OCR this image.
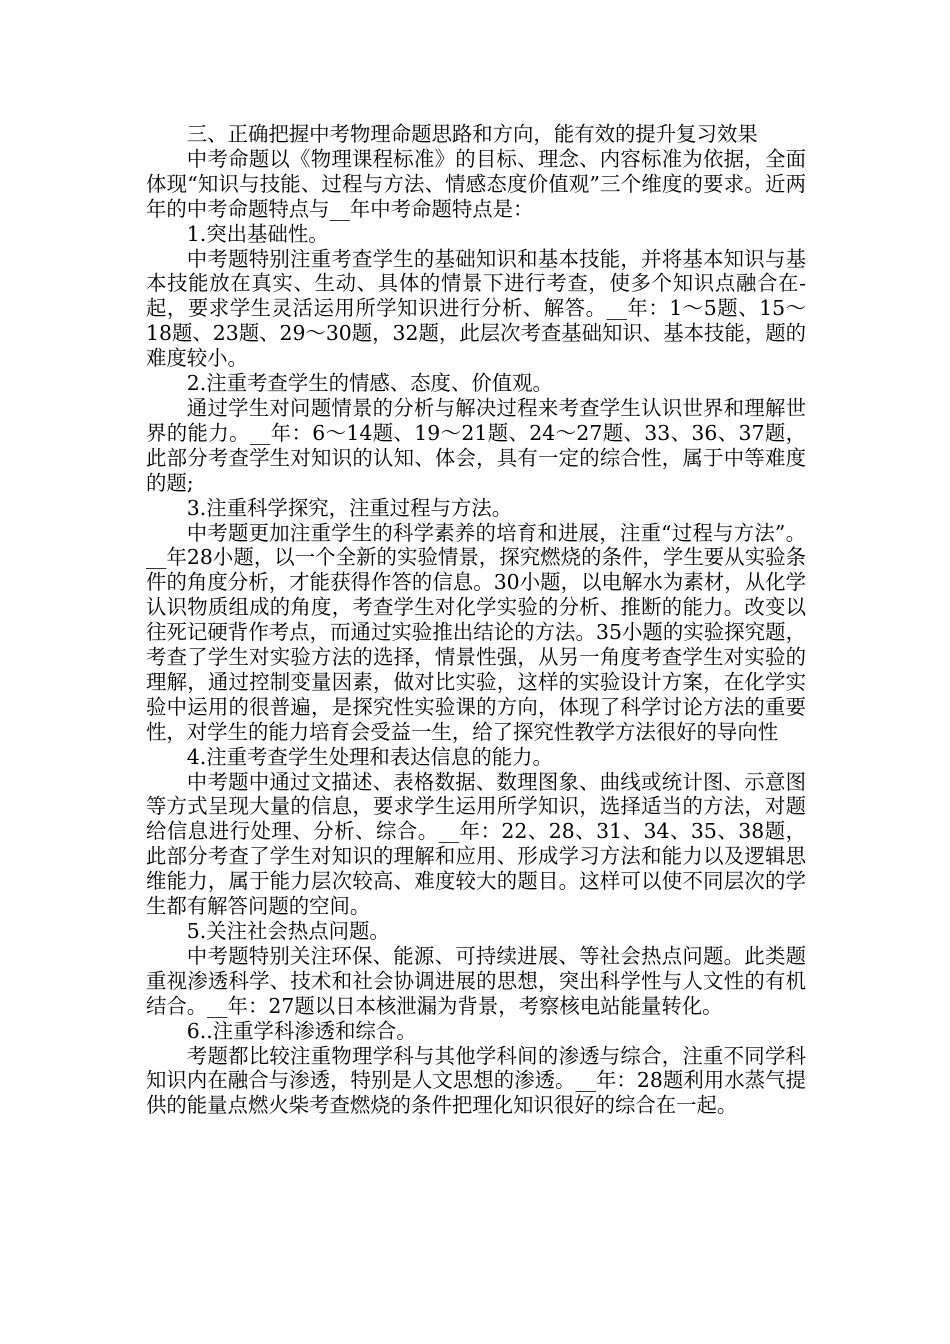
三、正确把握中考物理命题思路和方向，能有效的提升复习效果

中考命题以《物理课程标准》的目标、理念、内容标准为依据，全面体现“知识与技能、过程与方法、情感态度价值观”三个维度的要求。近两年的中考命题特点与__年中考命题特点是：

1.突出基础性。

中考题特别注重考查学生的基础知识和基本技能，并将基本知识与基本技能放在真实、生动、具体的情景下进行考查，使多个知识点融合在-起，要求学生灵活运用所学知识进行分析、解答。__年：1～5题、15～18题、23题、29～30题，32题，此层次考查基础知识、基本技能，题的难度较小。

2.注重考查学生的情感、态度、价值观。

通过学生对问题情景的分析与解决过程来考查学生认识世界和理解世界的能力。__年：6～14题、19～21题、24～27题、33、36、37题，此部分考查学生对知识的认知、体会，具有一定的综合性，属于中等难度的题;

3.注重科学探究，注重过程与方法。

中考题更加注重学生的科学素养的培育和进展，注重“过程与方法”。__年28小题，以一个全新的实验情景，探究燃烧的条件，学生要从实验条件的角度分析，才能获得作答的信息。30小题，以电解水为素材，从化学认识物质组成的角度，考查学生对化学实验的分析、推断的能力。改变以往死记硬背作考点，而通过实验推出结论的方法。35小题的实验探究题，考查了学生对实验方法的选择，情景性强，从另一角度考查学生对实验的理解，通过控制变量因素，做对比实验，这样的实验设计方案，在化学实验中运用的很普遍，是探究性实验课的方向，体现了科学讨论方法的重要性，对学生的能力培育会受益一生，给了探究性教学方法很好的导向性

4.注重考查学生处理和表达信息的能力。

中考题中通过文描述、表格数据、数理图象、曲线或统计图、示意图等方式呈现大量的信息，要求学生运用所学知识，选择适当的方法，对题给信息进行处理、分析、综合。__年：22、28、31、34、35、38题，此部分考查了学生对知识的理解和应用、形成学习方法和能力以及逻辑思维能力，属于能力层次较高、难度较大的题目。这样可以使不同层次的学生都有解答问题的空间。

5.关注社会热点问题。

中考题特别关注环保、能源、可持续进展、等社会热点问题。此类题重视渗透科学、技术和社会协调进展的思想，突出科学性与人文性的有机结合。__年：27题以日本核泄漏为背景，考察核电站能量转化。

6..注重学科渗透和综合。

考题都比较注重物理学科与其他学科间的渗透与综合，注重不同学科知识内在融合与渗透，特别是人文思想的渗透。__年：28题利用水蒸气提供的能量点燃火柴考查燃烧的条件把理化知识很好的综合在一起。
